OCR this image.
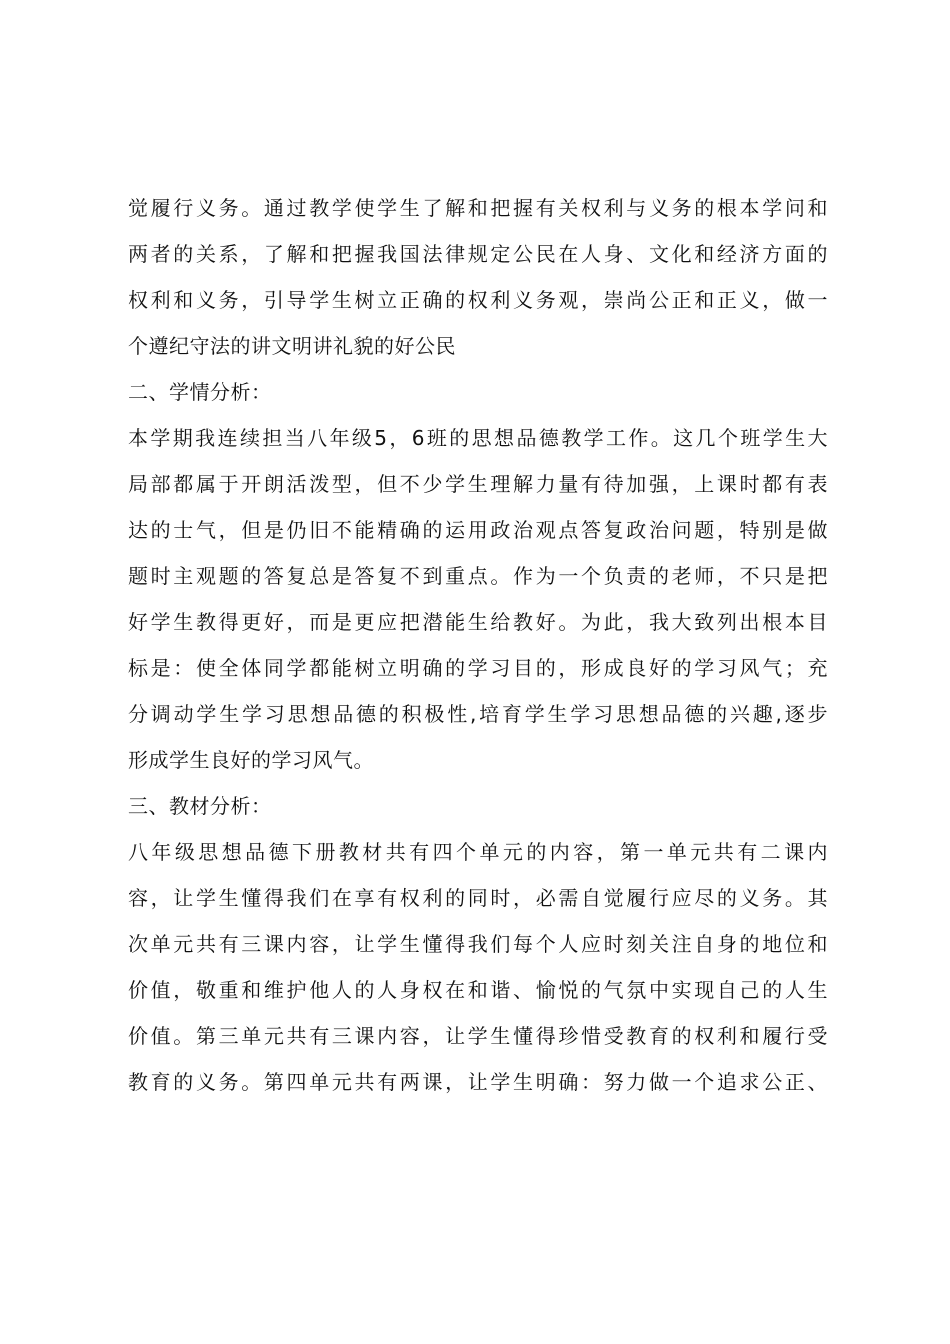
觉履行义务。通过教学使学生了解和把握有关权利与义务的根本学问和
两者的关系，了解和把握我国法律规定公民在人身、文化和经济方面的
权利和义务，引导学生树立正确的权利义务观，崇尚公正和正义，做一
个遵纪守法的讲文明讲礼貌的好公民
二、学情分析：
本学期我连续担当八年级5，6班的思想品德教学工作。这几个班学生大
局部都属于开朗活泼型，但不少学生理解力量有待加强，上课时都有表
达的士气，但是仍旧不能精确的运用政治观点答复政治问题，特别是做
题时主观题的答复总是答复不到重点。作为一个负责的老师，不只是把
好学生教得更好，而是更应把潜能生给教好。为此，我大致列出根本目
标是：使全体同学都能树立明确的学习目的，形成良好的学习风气；充
分调动学生学习思想品德的积极性,培育学生学习思想品德的兴趣,逐步
形成学生良好的学习风气。
三、教材分析：
八年级思想品德下册教材共有四个单元的内容，第一单元共有二课内
容，让学生懂得我们在享有权利的同时，必需自觉履行应尽的义务。其
次单元共有三课内容，让学生懂得我们每个人应时刻关注自身的地位和
价值，敬重和维护他人的人身权在和谐、愉悦的气氛中实现自己的人生
价值。第三单元共有三课内容，让学生懂得珍惜受教育的权利和履行受
教育的义务。第四单元共有两课，让学生明确：努力做一个追求公正、
